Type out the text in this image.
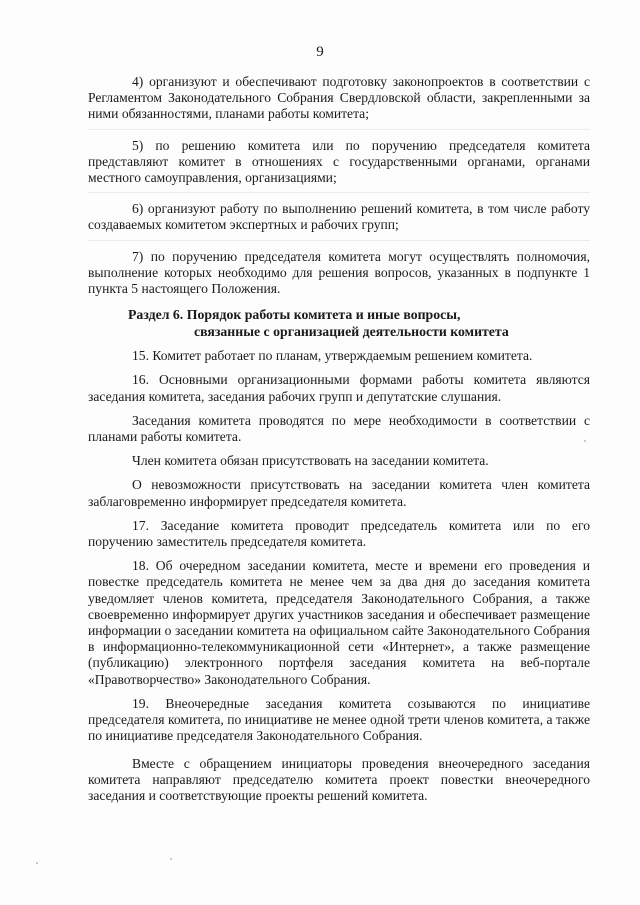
9

4) организуют и обеспечивают подготовку законопроектов в соответствии с Регламентом Законодательного Собрания Свердловской области, закрепленными за ними обязанностями, планами работы комитета;

5) по решению комитета или по поручению председателя комитета представляют комитет в отношениях с государственными органами, органами местного самоуправления, организациями;

6) организуют работу по выполнению решений комитета, в том числе работу создаваемых комитетом экспертных и рабочих групп;

7) по поручению председателя комитета могут осуществлять полномочия, выполнение которых необходимо для решения вопросов, указанных в подпункте 1 пункта 5 настоящего Положения.

Раздел 6. Порядок работы комитета и иные вопросы,
связанные с организацией деятельности комитета

15. Комитет работает по планам, утверждаемым решением комитета.

16. Основными организационными формами работы комитета являются заседания комитета, заседания рабочих групп и депутатские слушания.

Заседания комитета проводятся по мере необходимости в соответствии с планами работы комитета.

Член комитета обязан присутствовать на заседании комитета.

О невозможности присутствовать на заседании комитета член комитета заблаговременно информирует председателя комитета.

17. Заседание комитета проводит председатель комитета или по его поручению заместитель председателя комитета.

18. Об очередном заседании комитета, месте и времени его проведения и повестке председатель комитета не менее чем за два дня до заседания комитета уведомляет членов комитета, председателя Законодательного Собрания, а также своевременно информирует других участников заседания и обеспечивает размещение информации о заседании комитета на официальном сайте Законодательного Собрания в информационно-телекоммуникационной сети «Интернет», а также размещение (публикацию) электронного портфеля заседания комитета на веб-портале «Правотворчество» Законодательного Собрания.

19. Внеочередные заседания комитета созываются по инициативе председателя комитета, по инициативе не менее одной трети членов комитета, а также по инициативе председателя Законодательного Собрания.

Вместе с обращением инициаторы проведения внеочередного заседания комитета направляют председателю комитета проект повестки внеочередного заседания и соответствующие проекты решений комитета.
